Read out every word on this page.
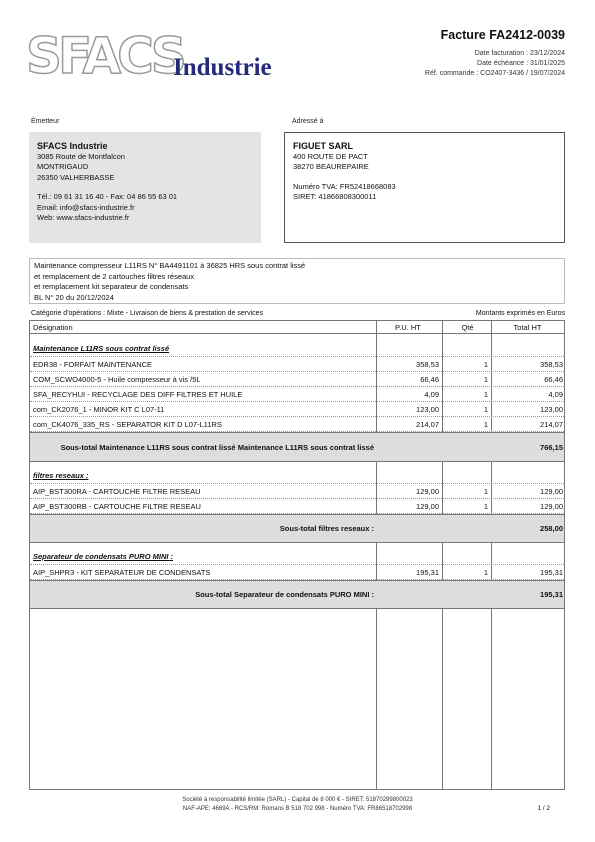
SFACS
Industrie
Facture FA2412-0039
Date facturation : 23/12/2024
Date échéance : 31/01/2025
Réf. commande : CO2407-3436 / 19/07/2024
Émetteur	Adressé à
SFACS Industrie
3085 Route de Montfalcon
MONTRIGAUD
26350 VALHERBASSE
Tél.: 09 61 31 16 40 - Fax: 04 86 55 63 01
Email: info@sfacs-industrie.fr
Web: www.sfacs-industrie.fr
FIGUET SARL
400 ROUTE DE PACT
38270 BEAUREPAIRE
Numéro TVA: FR52418668083
SIRET: 41866808300011
Maintenance compresseur L11RS N° BA4491101 à 36825 HRS sous contrat lissé
et remplacement de 2 cartouches filtres réseaux
et remplacement kit separateur de condensats
BL N° 20 du 20/12/2024
Catégorie d'opérations : Mixte - Livraison de biens & prestation de services	Montants exprimés en Euros
Désignation	P.U. HT	Qté	Total HT
Maintenance L11RS sous contrat lissé
EDR38 - FORFAIT MAINTENANCE	358,53	1	358,53
COM_SCWO4000-5 - Huile compresseur à vis /5L	66,46	1	66,46
SFA_RECYHUI - RECYCLAGE DES DIFF FILTRES ET HUILE	4,09	1	4,09
com_CK2076_1 - MINOR KIT C L07-11	123,00	1	123,00
com_CK4076_335_RS - SEPARATOR KIT D L07-L11RS	214,07	1	214,07
Sous-total Maintenance L11RS sous contrat lissé Maintenance L11RS sous contrat lissé	766,15
filtres reseaux :
AIP_BST300RA - CARTOUCHE FILTRE RESEAU	129,00	1	129,00
AIP_BST300RB - CARTOUCHE FILTRE RESEAU	129,00	1	129,00
Sous-total filtres reseaux :	258,00
Separateur de condensats PURO MINI :
AIP_SHPR3 - KIT SEPARATEUR DE CONDENSATS	195,31	1	195,31
Sous-total Separateur de condensats PURO MINI :	195,31
Société à responsabilité limitée (SARL) - Capital de 8 000 € - SIRET: 51870299800023
NAF-APE: 4669A - RCS/RM: Romans B 518 702 998 - Numéro TVA: FR86518702998	1 / 2
